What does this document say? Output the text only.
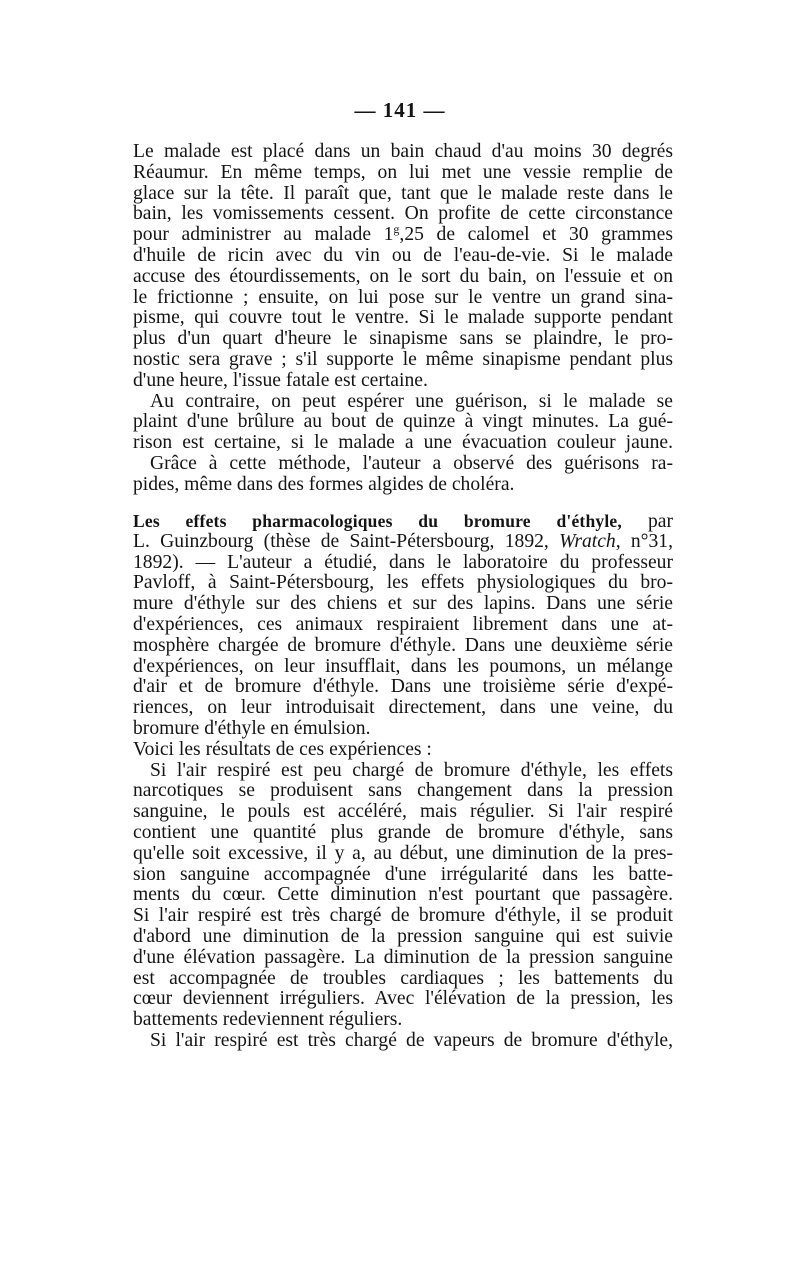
— 141 —
Le malade est placé dans un bain chaud d'au moins 30 degrés
Réaumur. En même temps, on lui met une vessie remplie de
glace sur la tête. Il paraît que, tant que le malade reste dans le
bain, les vomissements cessent. On profite de cette circonstance
pour administrer au malade 1$^g$,25 de calomel et 30 grammes
d'huile de ricin avec du vin ou de l'eau-de-vie. Si le malade
accuse des étourdissements, on le sort du bain, on l'essuie et on
le frictionne ; ensuite, on lui pose sur le ventre un grand sina-
pisme, qui couvre tout le ventre. Si le malade supporte pendant
plus d'un quart d'heure le sinapisme sans se plaindre, le pro-
nostic sera grave ; s'il supporte le même sinapisme pendant plus
d'une heure, l'issue fatale est certaine.
Au contraire, on peut espérer une guérison, si le malade se
plaint d'une brûlure au bout de quinze à vingt minutes. La gué-
rison est certaine, si le malade a une évacuation couleur jaune.
Grâce à cette méthode, l'auteur a observé des guérisons ra-
pides, même dans des formes algides de choléra.
Les effets pharmacologiques du bromure d'éthyle, par
L. Guinzbourg (thèse de Saint-Pétersbourg, 1892, Wratch, n°31,
1892). — L'auteur a étudié, dans le laboratoire du professeur
Pavloff, à Saint-Pétersbourg, les effets physiologiques du bro-
mure d'éthyle sur des chiens et sur des lapins. Dans une série
d'expériences, ces animaux respiraient librement dans une at-
mosphère chargée de bromure d'éthyle. Dans une deuxième série
d'expériences, on leur insufflait, dans les poumons, un mélange
d'air et de bromure d'éthyle. Dans une troisième série d'expé-
riences, on leur introduisait directement, dans une veine, du
bromure d'éthyle en émulsion.
Voici les résultats de ces expériences :
Si l'air respiré est peu chargé de bromure d'éthyle, les effets
narcotiques se produisent sans changement dans la pression
sanguine, le pouls est accéléré, mais régulier. Si l'air respiré
contient une quantité plus grande de bromure d'éthyle, sans
qu'elle soit excessive, il y a, au début, une diminution de la pres-
sion sanguine accompagnée d'une irrégularité dans les batte-
ments du cœur. Cette diminution n'est pourtant que passagère.
Si l'air respiré est très chargé de bromure d'éthyle, il se produit
d'abord une diminution de la pression sanguine qui est suivie
d'une élévation passagère. La diminution de la pression sanguine
est accompagnée de troubles cardiaques ; les battements du
cœur deviennent irréguliers. Avec l'élévation de la pression, les
battements redeviennent réguliers.
Si l'air respiré est très chargé de vapeurs de bromure d'éthyle,
